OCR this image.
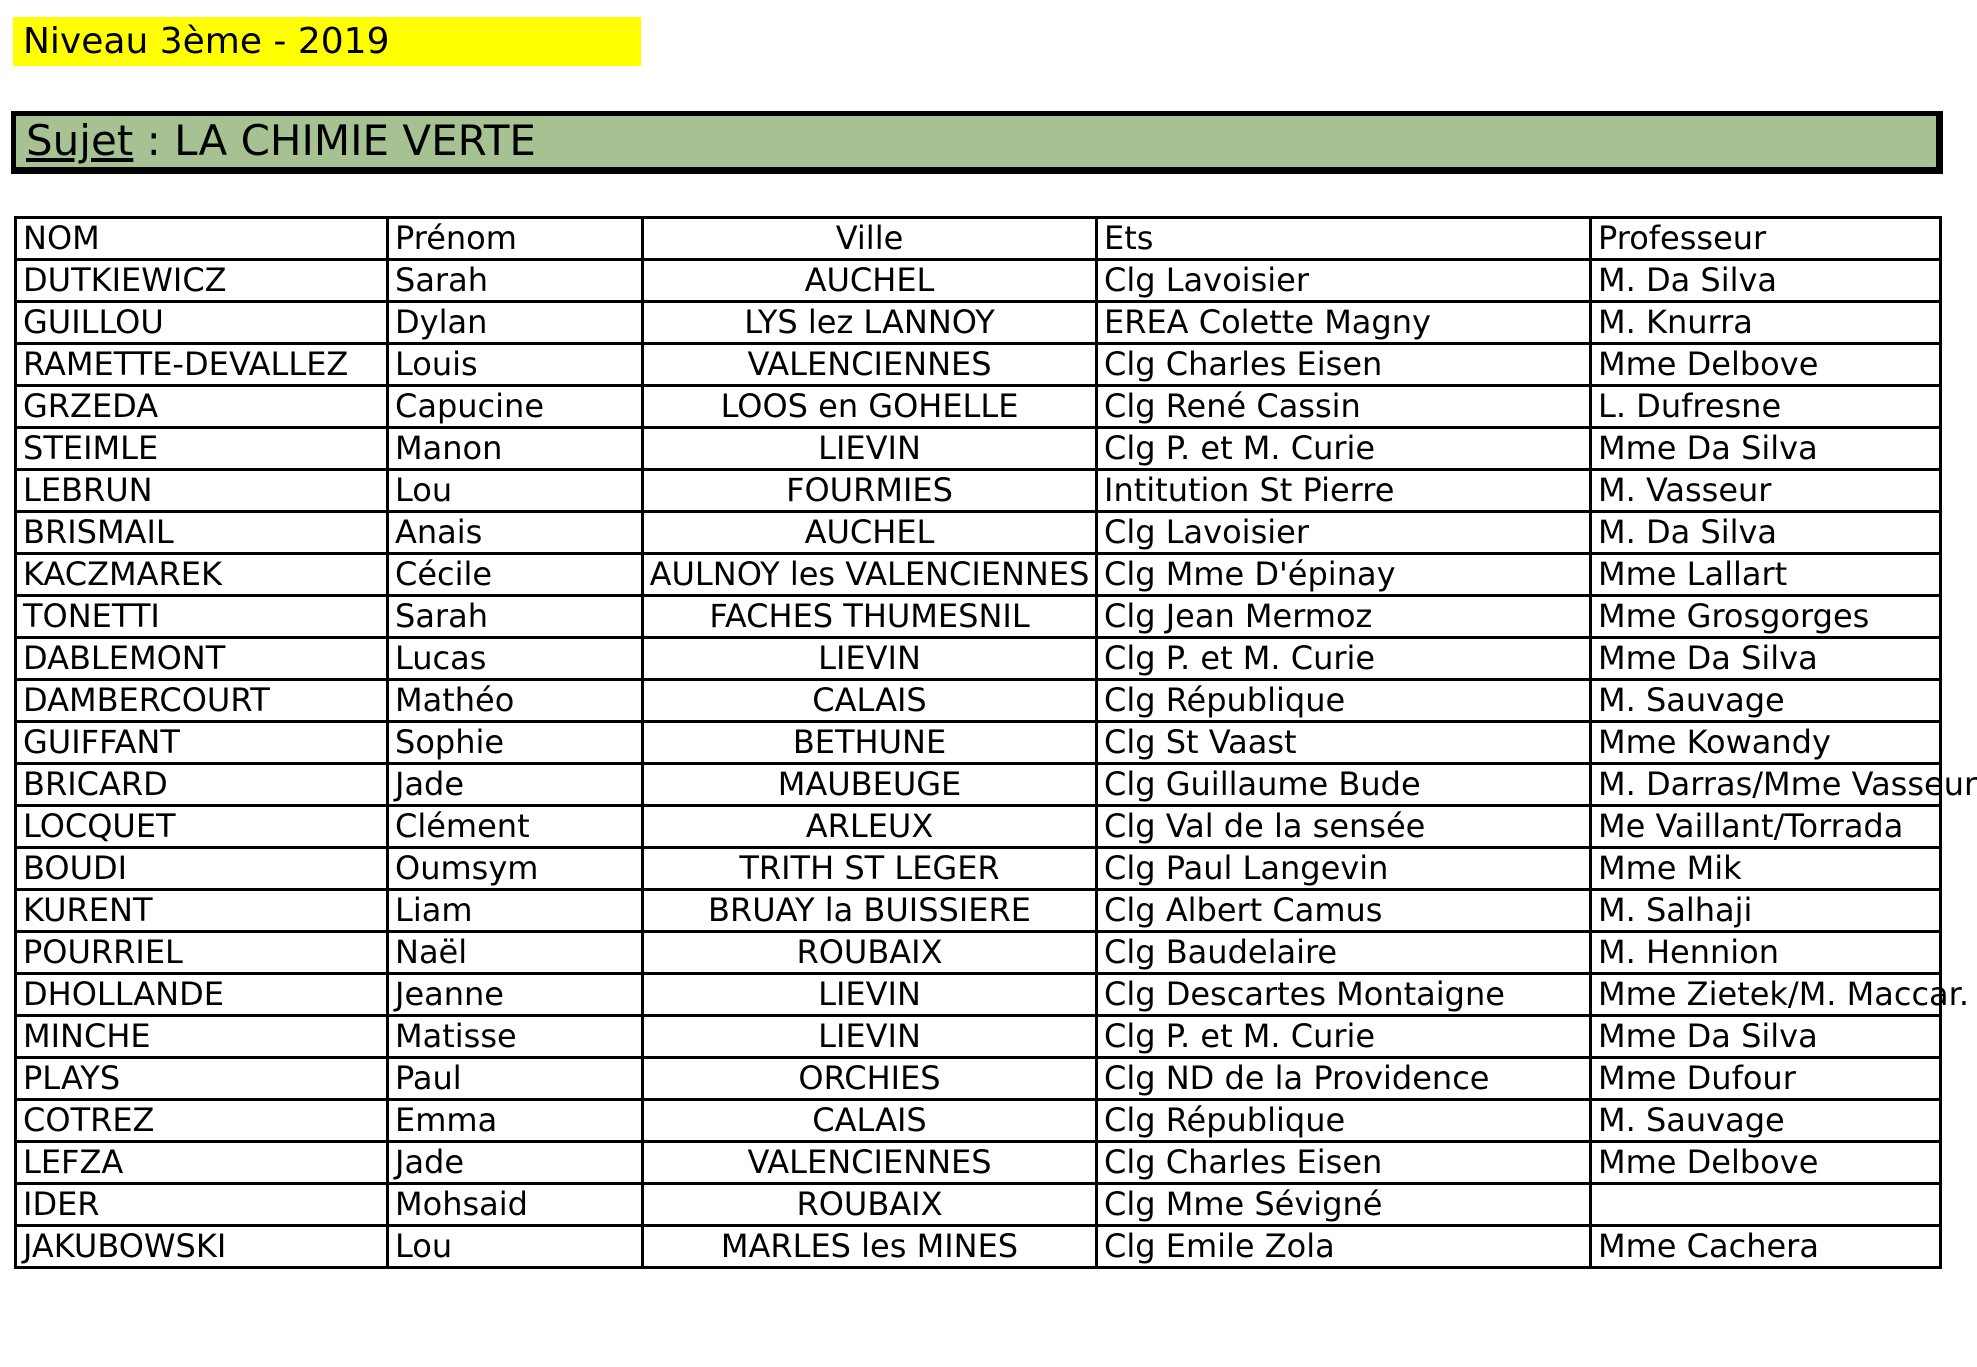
Niveau 3ème - 2019
Sujet : LA CHIMIE VERTE
NOM	Prénom	Ville	Ets	Professeur
DUTKIEWICZ	Sarah	AUCHEL	Clg Lavoisier	M. Da Silva
GUILLOU	Dylan	LYS lez LANNOY	EREA Colette Magny	M. Knurra
RAMETTE-DEVALLEZ	Louis	VALENCIENNES	Clg Charles Eisen	Mme Delbove
GRZEDA	Capucine	LOOS en GOHELLE	Clg René Cassin	L. Dufresne
STEIMLE	Manon	LIEVIN	Clg P. et M. Curie	Mme Da Silva
LEBRUN	Lou	FOURMIES	Intitution St Pierre	M. Vasseur
BRISMAIL	Anais	AUCHEL	Clg Lavoisier	M. Da Silva
KACZMAREK	Cécile	AULNOY les VALENCIENNES	Clg Mme D'épinay	Mme Lallart
TONETTI	Sarah	FACHES THUMESNIL	Clg Jean Mermoz	Mme Grosgorges
DABLEMONT	Lucas	LIEVIN	Clg P. et M. Curie	Mme Da Silva
DAMBERCOURT	Mathéo	CALAIS	Clg République	M. Sauvage
GUIFFANT	Sophie	BETHUNE	Clg St Vaast	Mme Kowandy
BRICARD	Jade	MAUBEUGE	Clg Guillaume Bude	M. Darras/Mme Vasseur
LOCQUET	Clément	ARLEUX	Clg Val de la sensée	Me Vaillant/Torrada
BOUDI	Oumsym	TRITH ST LEGER	Clg Paul Langevin	Mme Mik
KURENT	Liam	BRUAY la BUISSIERE	Clg Albert Camus	M. Salhaji
POURRIEL	Naël	ROUBAIX	Clg Baudelaire	M. Hennion
DHOLLANDE	Jeanne	LIEVIN	Clg Descartes Montaigne	Mme Zietek/M. Maccar.
MINCHE	Matisse	LIEVIN	Clg P. et M. Curie	Mme Da Silva
PLAYS	Paul	ORCHIES	Clg ND de la Providence	Mme Dufour
COTREZ	Emma	CALAIS	Clg République	M. Sauvage
LEFZA	Jade	VALENCIENNES	Clg Charles Eisen	Mme Delbove
IDER	Mohsaid	ROUBAIX	Clg Mme Sévigné	
JAKUBOWSKI	Lou	MARLES les MINES	Clg Emile Zola	Mme Cachera
